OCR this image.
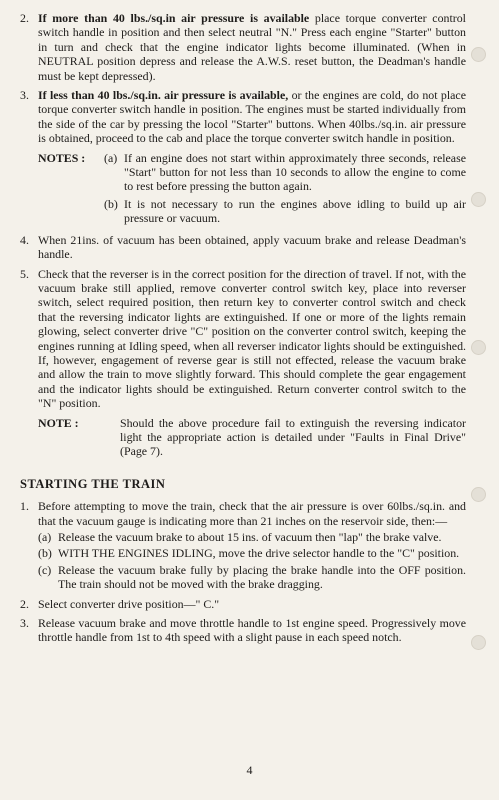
2. If more than 40 lbs./sq.in air pressure is available place torque converter control switch handle in position and then select neutral "N." Press each engine "Starter" button in turn and check that the engine indicator lights become illuminated. (When in NEUTRAL position depress and release the A.W.S. reset button, the Deadman's handle must be kept depressed).
3. If less than 40 lbs./sq.in. air pressure is available, or the engines are cold, do not place torque converter switch handle in position. The engines must be started individually from the side of the car by pressing the locol "Starter" buttons. When 40lbs./sq.in. air pressure is obtained, proceed to the cab and place the torque converter switch handle in position.
NOTES :	(a) If an engine does not start within approximately three seconds, release "Start" button for not less than 10 seconds to allow the engine to come to rest before pressing the button again.
(b) It is not necessary to run the engines above idling to build up air pressure or vacuum.
4. When 21ins. of vacuum has been obtained, apply vacuum brake and release Deadman's handle.
5. Check that the reverser is in the correct position for the direction of travel. If not, with the vacuum brake still applied, remove converter control switch key, place into reverser switch, select required position, then return key to converter control switch and check that the reversing indicator lights are extinguished. If one or more of the lights remain glowing, select converter drive "C" position on the converter control switch, keeping the engines running at Idling speed, when all reverser indicator lights should be extinguished. If, however, engagement of reverse gear is still not effected, release the vacuum brake and allow the train to move slightly forward. This should complete the gear engagement and the indicator lights should be extinguished. Return converter control switch to the "N" position.
NOTE :	Should the above procedure fail to extinguish the reversing indicator light the appropriate action is detailed under "Faults in Final Drive" (Page 7).
STARTING THE TRAIN
1. Before attempting to move the train, check that the air pressure is over 60lbs./sq.in. and that the vacuum gauge is indicating more than 21 inches on the reservoir side, then:—
(a) Release the vacuum brake to about 15 ins. of vacuum then "lap" the brake valve.
(b) WITH THE ENGINES IDLING, move the drive selector handle to the "C" position.
(c) Release the vacuum brake fully by placing the brake handle into the OFF position. The train should not be moved with the brake dragging.
2. Select converter drive position—" C."
3. Release vacuum brake and move throttle handle to 1st engine speed. Progressively move throttle handle from 1st to 4th speed with a slight pause in each speed notch.
4
